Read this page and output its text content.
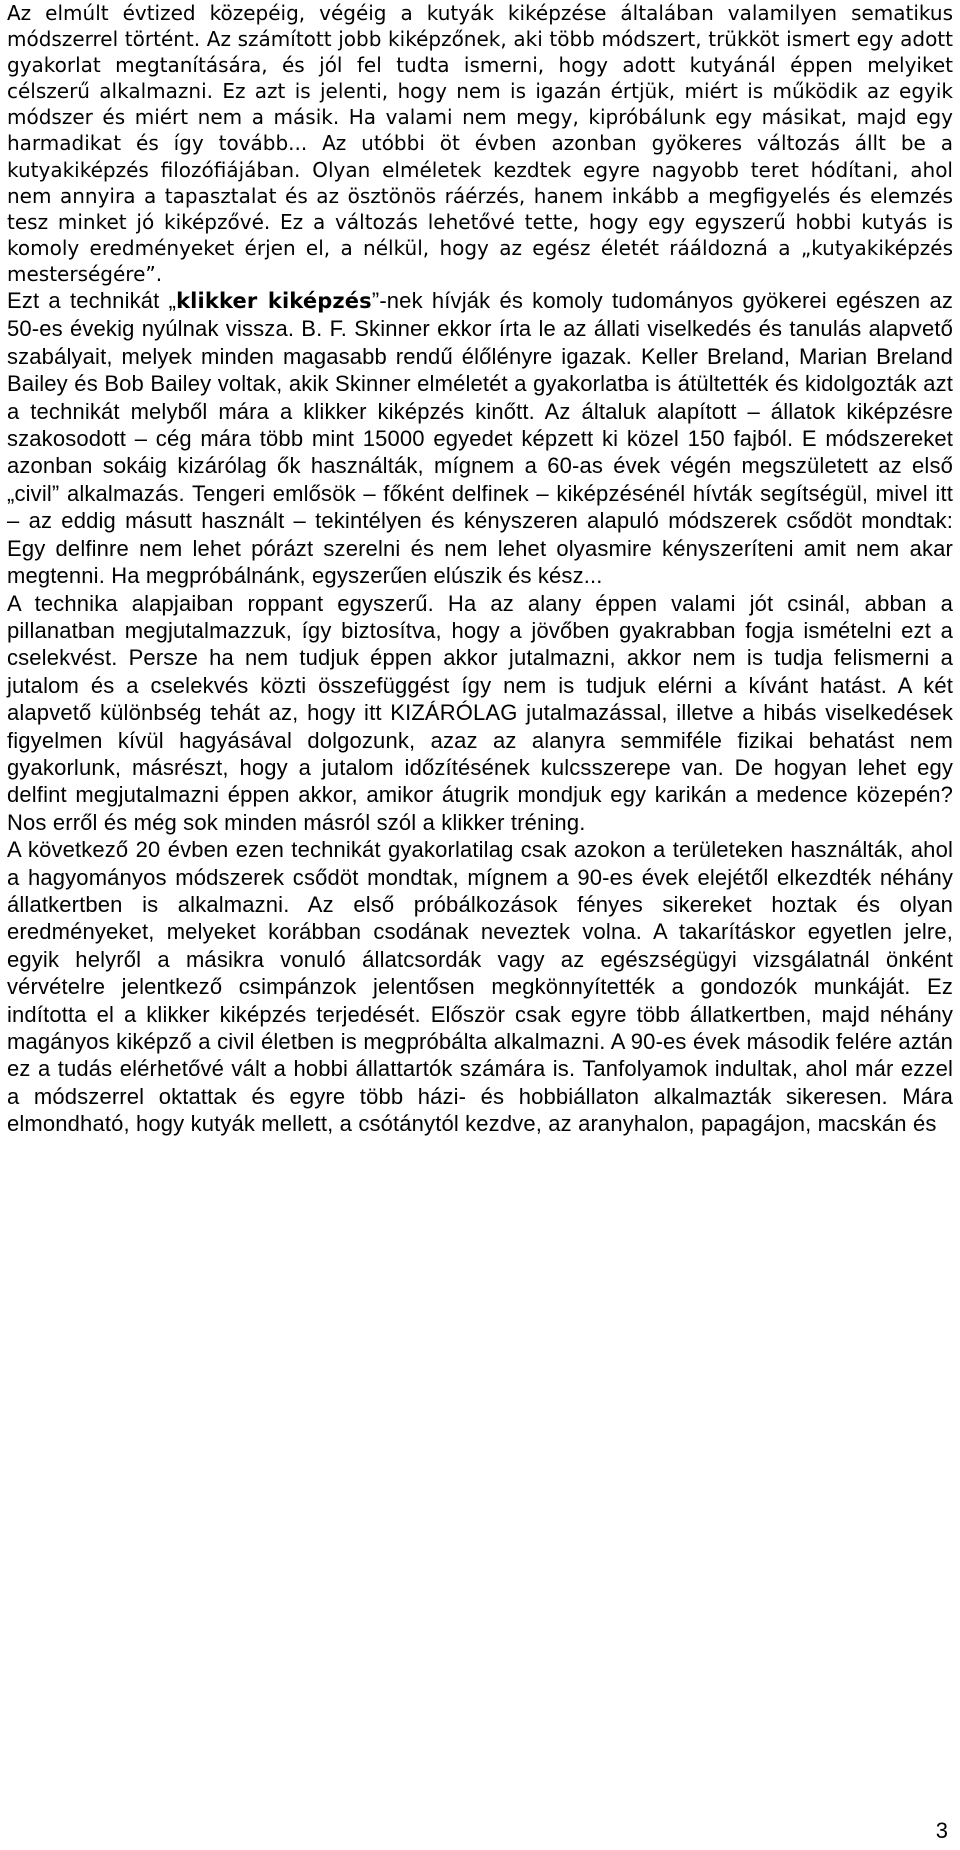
Az elmúlt évtized közepéig, végéig a kutyák kiképzése általában valamilyen sematikus módszerrel történt. Az számított jobb kiképzőnek, aki több módszert, trükköt ismert egy adott gyakorlat megtanítására, és jól fel tudta ismerni, hogy adott kutyánál éppen melyiket célszerű alkalmazni. Ez azt is jelenti, hogy nem is igazán értjük, miért is működik az egyik módszer és miért nem a másik. Ha valami nem megy, kipróbálunk egy másikat, majd egy harmadikat és így tovább... Az utóbbi öt évben azonban gyökeres változás állt be a kutyakiképzés filozófiájában. Olyan elméletek kezdtek egyre nagyobb teret hódítani, ahol nem annyira a tapasztalat és az ösztönös ráérzés, hanem inkább a megfigyelés és elemzés tesz minket jó kiképzővé. Ez a változás lehetővé tette, hogy egy egyszerű hobbi kutyás is komoly eredményeket érjen el, a nélkül, hogy az egész életét rááldozná a „kutyakiképzés mesterségére”.

Ezt a technikát „klikker kiképzés”-nek hívják és komoly tudományos gyökerei egészen az 50-es évekig nyúlnak vissza. B. F. Skinner ekkor írta le az állati viselkedés és tanulás alapvető szabályait, melyek minden magasabb rendű élőlényre igazak. Keller Breland, Marian Breland Bailey és Bob Bailey voltak, akik Skinner elméletét a gyakorlatba is átültették és kidolgozták azt a technikát melyből mára a klikker kiképzés kinőtt. Az általuk alapított – állatok kiképzésre szakosodott – cég mára több mint 15000 egyedet képzett ki közel 150 fajból. E módszereket azonban sokáig kizárólag ők használták, mígnem a 60-as évek végén megszületett az első „civil” alkalmazás. Tengeri emlősök – főként delfinek – kiképzésénél hívták segítségül, mivel itt – az eddig másutt használt – tekintélyen és kényszeren alapuló módszerek csődöt mondtak: Egy delfinre nem lehet pórázt szerelni és nem lehet olyasmire kényszeríteni amit nem akar megtenni. Ha megpróbálnánk, egyszerűen elúszik és kész...

A technika alapjaiban roppant egyszerű. Ha az alany éppen valami jót csinál, abban a pillanatban megjutalmazzuk, így biztosítva, hogy a jövőben gyakrabban fogja ismételni ezt a cselekvést. Persze ha nem tudjuk éppen akkor jutalmazni, akkor nem is tudja felismerni a jutalom és a cselekvés közti összefüggést így nem is tudjuk elérni a kívánt hatást. A két alapvető különbség tehát az, hogy itt KIZÁRÓLAG jutalmazással, illetve a hibás viselkedések figyelmen kívül hagyásával dolgozunk, azaz az alanyra semmiféle fizikai behatást nem gyakorlunk, másrészt, hogy a jutalom időzítésének kulcsszerepe van. De hogyan lehet egy delfint megjutalmazni éppen akkor, amikor átugrik mondjuk egy karikán a medence közepén? Nos erről és még sok minden másról szól a klikker tréning.

A következő 20 évben ezen technikát gyakorlatilag csak azokon a területeken használták, ahol a hagyományos módszerek csődöt mondtak, mígnem a 90-es évek elejétől elkezdték néhány állatkertben is alkalmazni. Az első próbálkozások fényes sikereket hoztak és olyan eredményeket, melyeket korábban csodának neveztek volna. A takarításkor egyetlen jelre, egyik helyről a másikra vonuló állatcsordák vagy az egészségügyi vizsgálatnál önként vérvételre jelentkező csimpánzok jelentősen megkönnyítették a gondozók munkáját. Ez indította el a klikker kiképzés terjedését. Először csak egyre több állatkertben, majd néhány magányos kiképző a civil életben is megpróbálta alkalmazni. A 90-es évek második felére aztán ez a tudás elérhetővé vált a hobbi állattartók számára is. Tanfolyamok indultak, ahol már ezzel a módszerrel oktattak és egyre több házi- és hobbiállaton alkalmazták sikeresen. Mára elmondható, hogy kutyák mellett, a csótánytól kezdve, az aranyhalon, papagájon, macskán és

3
